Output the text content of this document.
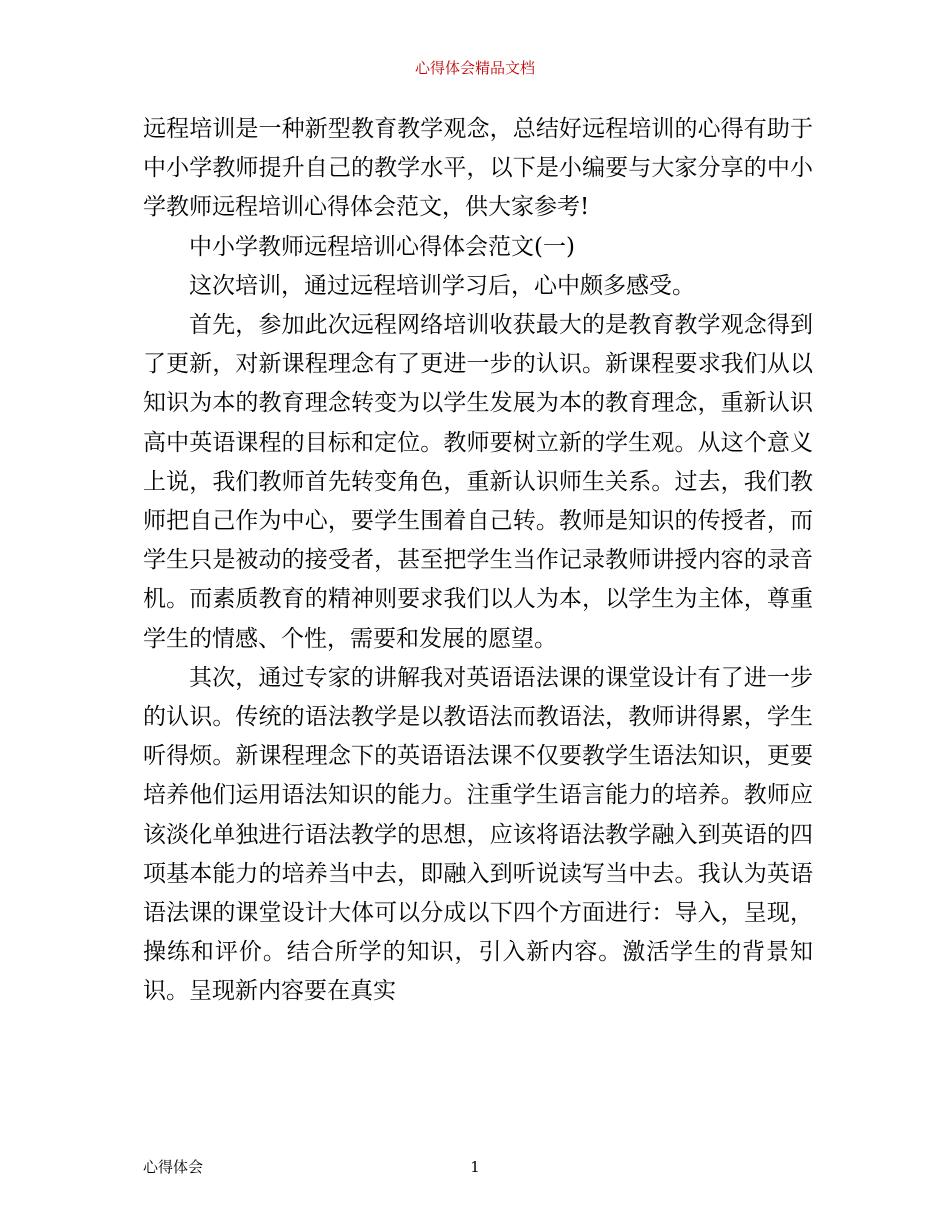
心得体会精品文档

远程培训是一种新型教育教学观念，总结好远程培训的心得有助于中小学教师提升自己的教学水平，以下是小编要与大家分享的中小学教师远程培训心得体会范文，供大家参考!

中小学教师远程培训心得体会范文(一)

这次培训，通过远程培训学习后，心中颇多感受。

首先，参加此次远程网络培训收获最大的是教育教学观念得到了更新，对新课程理念有了更进一步的认识。新课程要求我们从以知识为本的教育理念转变为以学生发展为本的教育理念，重新认识高中英语课程的目标和定位。教师要树立新的学生观。从这个意义上说，我们教师首先转变角色，重新认识师生关系。过去，我们教师把自己作为中心，要学生围着自己转。教师是知识的传授者，而学生只是被动的接受者，甚至把学生当作记录教师讲授内容的录音机。而素质教育的精神则要求我们以人为本，以学生为主体，尊重学生的情感、个性，需要和发展的愿望。

其次，通过专家的讲解我对英语语法课的课堂设计有了进一步的认识。传统的语法教学是以教语法而教语法，教师讲得累，学生听得烦。新课程理念下的英语语法课不仅要教学生语法知识，更要培养他们运用语法知识的能力。注重学生语言能力的培养。教师应该淡化单独进行语法教学的思想，应该将语法教学融入到英语的四项基本能力的培养当中去，即融入到听说读写当中去。我认为英语语法课的课堂设计大体可以分成以下四个方面进行：导入，呈现，操练和评价。结合所学的知识，引入新内容。激活学生的背景知识。呈现新内容要在真实

心得体会	1
